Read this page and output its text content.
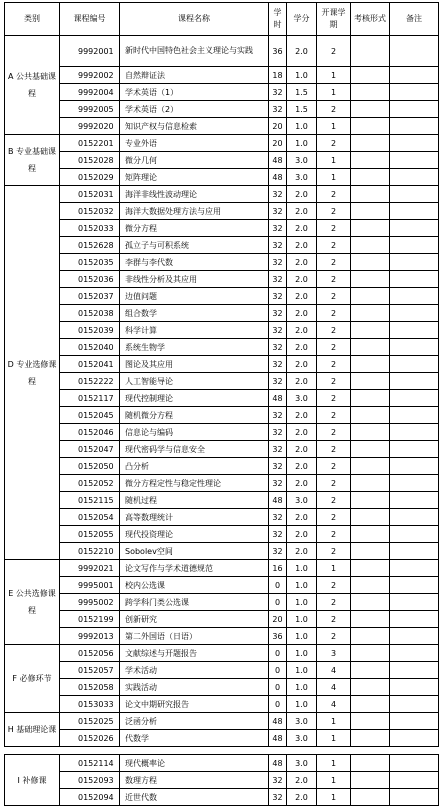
类别	课程编号	课程名称	学时	学分	开课学期	考核形式	备注
A 公共基础课程	9992001	新时代中国特色社会主义理论与实践	36	2.0	2		
	9992002	自然辩证法	18	1.0	1		
	9992004	学术英语（1）	32	1.5	1		
	9992005	学术英语（2）	32	1.5	2		
	9992020	知识产权与信息检索	20	1.0	1		
B 专业基础课程	0152201	专业外语	20	1.0	2		
	0152028	微分几何	48	3.0	1		
	0152029	矩阵理论	48	3.0	1		
D 专业选修课程	0152031	海洋非线性波动理论	32	2.0	2		
	0152032	海洋大数据处理方法与应用	32	2.0	2		
	0152033	微分方程	32	2.0	2		
	0152628	孤立子与可积系统	32	2.0	2		
	0152035	李群与李代数	32	2.0	2		
	0152036	非线性分析及其应用	32	2.0	2		
	0152037	边值问题	32	2.0	2		
	0152038	组合数学	32	2.0	2		
	0152039	科学计算	32	2.0	2		
	0152040	系统生物学	32	2.0	2		
	0152041	图论及其应用	32	2.0	2		
	0152222	人工智能导论	32	2.0	2		
	0152117	现代控制理论	48	3.0	2		
	0152045	随机微分方程	32	2.0	2		
	0152046	信息论与编码	32	2.0	2		
	0152047	现代密码学与信息安全	32	2.0	2		
	0152050	凸分析	32	2.0	2		
	0152052	微分方程定性与稳定性理论	32	2.0	2		
	0152115	随机过程	48	3.0	2		
	0152054	高等数理统计	32	2.0	2		
	0152055	现代投资理论	32	2.0	2		
	0152210	Sobolev空间	32	2.0	2		
E 公共选修课程	9992021	论文写作与学术道德规范	16	1.0	1		
	9995001	校内公选课	0	1.0	2		
	9995002	跨学科门类公选课	0	1.0	2		
	0152199	创新研究	20	1.0	2		
	9992013	第二外国语（日语）	36	1.0	2		
F 必修环节	0152056	文献综述与开题报告	0	1.0	3		
	0152057	学术活动	0	1.0	4		
	0152058	实践活动	0	1.0	4		
	0153033	论文中期研究报告	0	1.0	4		
H 基础理论课	0152025	泛函分析	48	3.0	1		
	0152026	代数学	48	3.0	1		
I 补修课	0152114	现代概率论	48	3.0	1		
	0152093	数理方程	32	2.0	1		
	0152094	近世代数	32	2.0	1		
